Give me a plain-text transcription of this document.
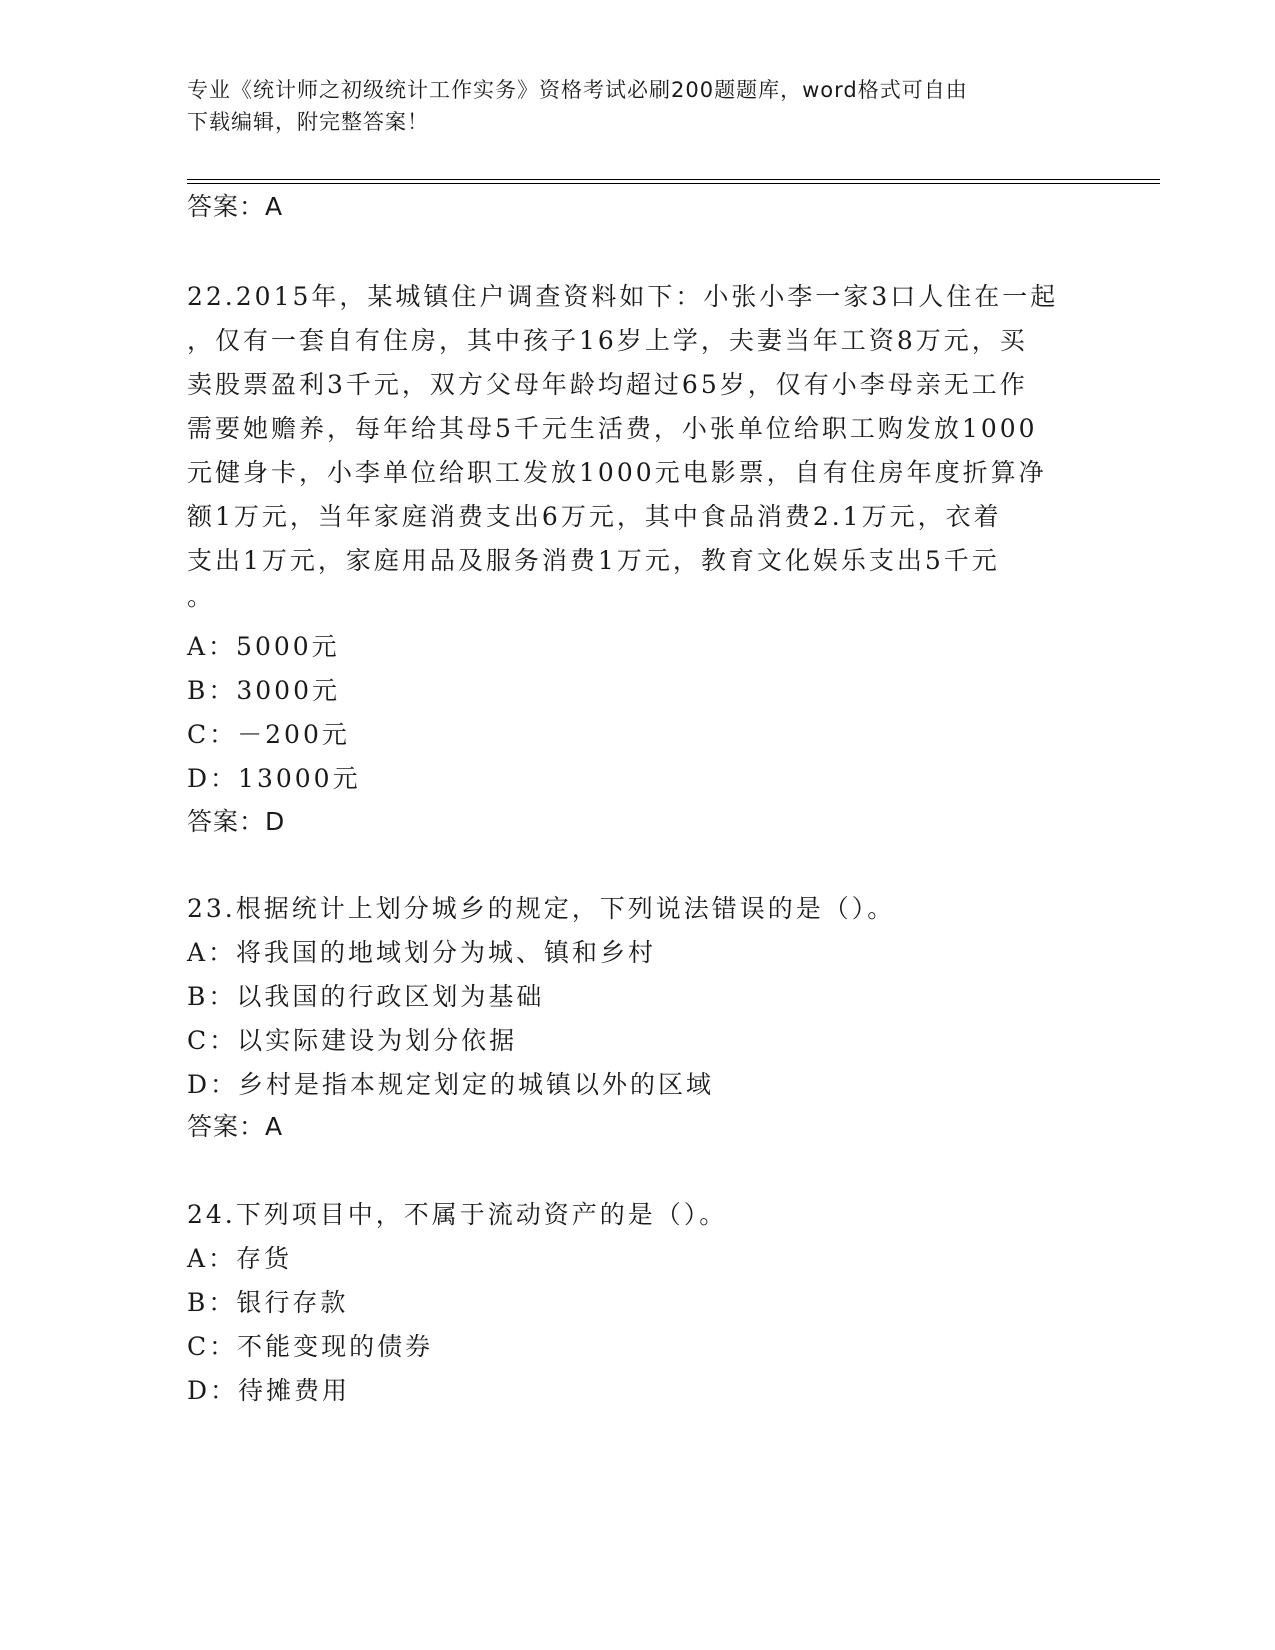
专业《统计师之初级统计工作实务》资格考试必刷200题题库，word格式可自由
下载编辑，附完整答案！
答案：A
22.2015年，某城镇住户调查资料如下：小张小李一家3口人住在一起
，仅有一套自有住房，其中孩子16岁上学，夫妻当年工资8万元，买
卖股票盈利3千元，双方父母年龄均超过65岁，仅有小李母亲无工作
需要她赡养，每年给其母5千元生活费，小张单位给职工购发放1000
元健身卡，小李单位给职工发放1000元电影票，自有住房年度折算净
额1万元，当年家庭消费支出6万元，其中食品消费2.1万元，衣着
支出1万元，家庭用品及服务消费1万元，教育文化娱乐支出5千元
。
A：5000元
B：3000元
C：－200元
D：13000元
答案：D
23.根据统计上划分城乡的规定，下列说法错误的是（）。
A：将我国的地域划分为城、镇和乡村
B：以我国的行政区划为基础
C：以实际建设为划分依据
D：乡村是指本规定划定的城镇以外的区域
答案：A
24.下列项目中，不属于流动资产的是（）。
A：存货
B：银行存款
C：不能变现的债券
D：待摊费用
